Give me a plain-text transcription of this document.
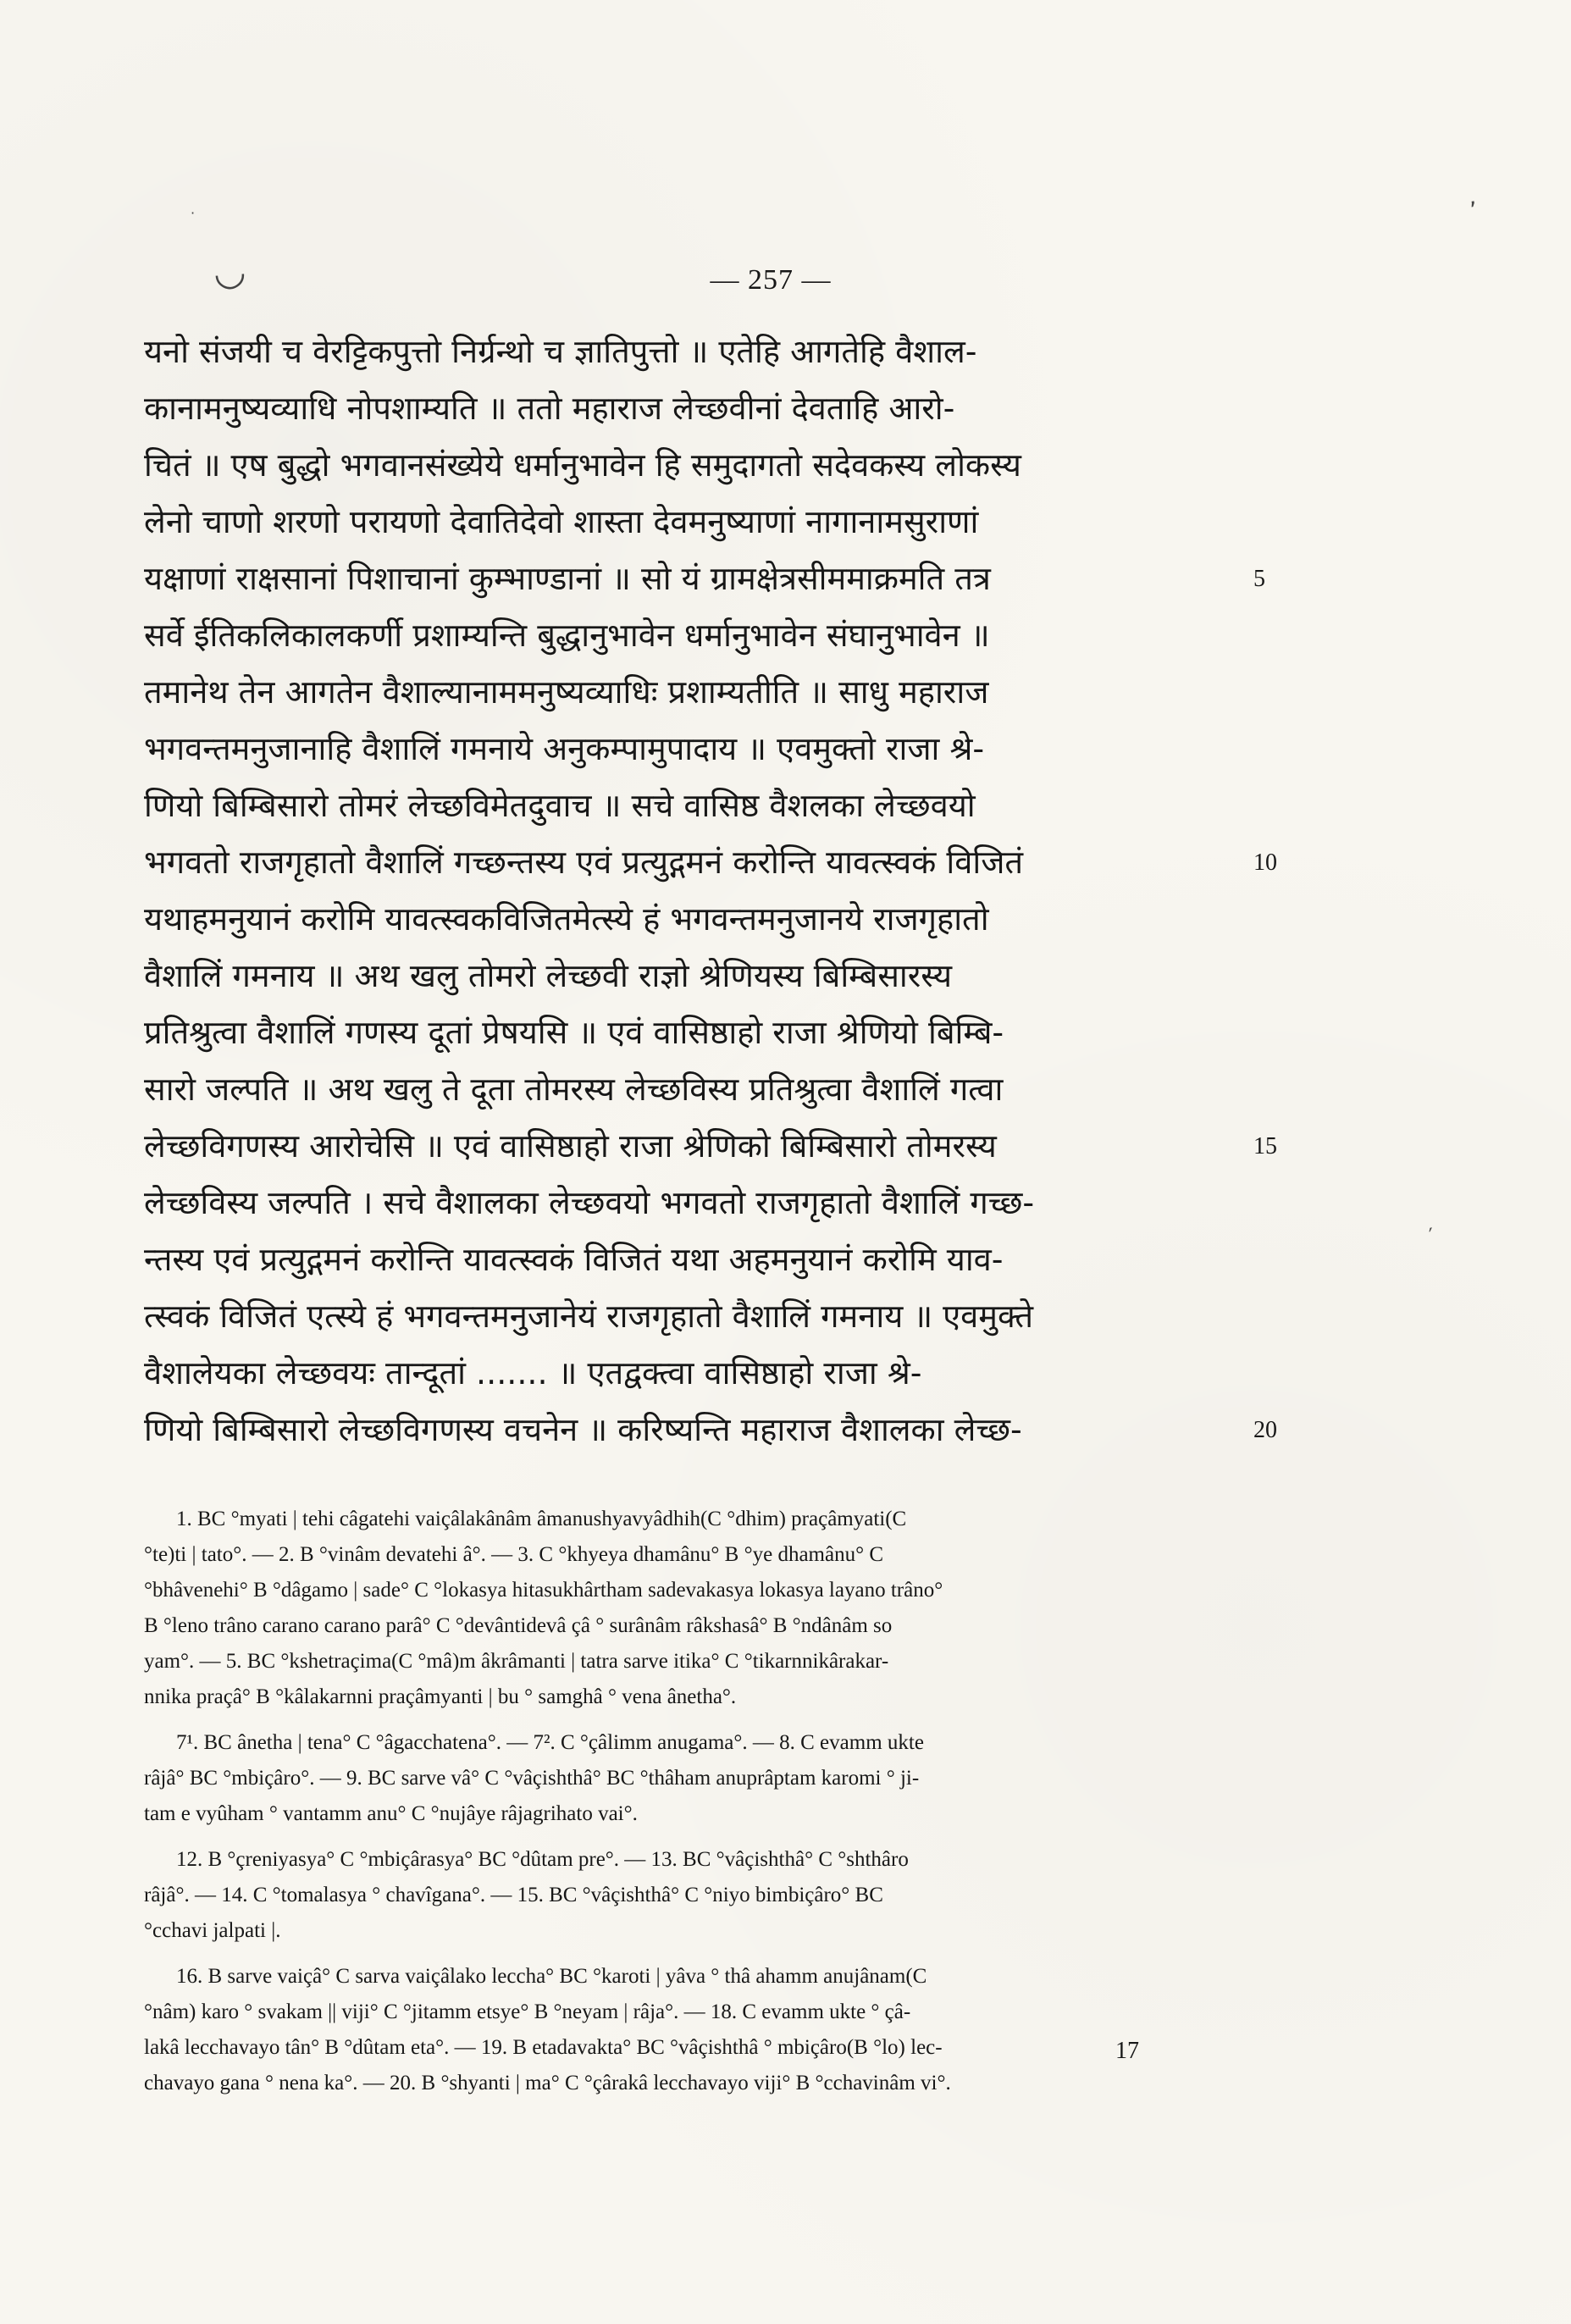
·
◡
’
′
— 257 —
यनो संजयी च वेरट्टिकपुत्तो निर्ग्रन्थो च ज्ञातिपुत्तो ॥ एतेहि आगतेहि वैशाल-
कानामनुष्यव्याधि नोपशाम्यति ॥ ततो महाराज लेच्छवीनां देवताहि आरो-
चितं ॥ एष बुद्धो भगवानसंख्येये धर्मानुभावेन हि समुदागतो सदेवकस्य लोकस्य
लेनो चाणो शरणो परायणो देवातिदेवो शास्ता देवमनुष्याणां नागानामसुराणां
यक्षाणां राक्षसानां पिशाचानां कुम्भाण्डानां ॥ सो यं ग्रामक्षेत्रसीममाक्रमति तत्र
सर्वे ईतिकलिकालकर्णी प्रशाम्यन्ति बुद्धानुभावेन धर्मानुभावेन संघानुभावेन ॥
तमानेथ तेन आगतेन वैशाल्यानाममनुष्यव्याधिः प्रशाम्यतीति ॥ साधु महाराज
भगवन्तमनुजानाहि वैशालिं गमनाये अनुकम्पामुपादाय ॥ एवमुक्तो राजा श्रे-
णियो बिम्बिसारो तोमरं लेच्छविमेतदुवाच ॥ सचे वासिष्ठ वैशलका लेच्छवयो
भगवतो राजगृहातो वैशालिं गच्छन्तस्य एवं प्रत्युद्गमनं करोन्ति यावत्स्वकं विजितं
यथाहमनुयानं करोमि यावत्स्वकविजितमेत्स्ये हं भगवन्तमनुजानये राजगृहातो
वैशालिं गमनाय ॥ अथ खलु तोमरो लेच्छवी राज्ञो श्रेणियस्य बिम्बिसारस्य
प्रतिश्रुत्वा वैशालिं गणस्य दूतां प्रेषयसि ॥ एवं वासिष्ठाहो राजा श्रेणियो बिम्बि-
सारो जल्पति ॥ अथ खलु ते दूता तोमरस्य लेच्छविस्य प्रतिश्रुत्वा वैशालिं गत्वा
लेच्छविगणस्य आरोचेसि ॥ एवं वासिष्ठाहो राजा श्रेणिको बिम्बिसारो तोमरस्य
लेच्छविस्य जल्पति । सचे वैशालका लेच्छवयो भगवतो राजगृहातो वैशालिं गच्छ-
न्तस्य एवं प्रत्युद्गमनं करोन्ति यावत्स्वकं विजितं यथा अहमनुयानं करोमि याव-
त्स्वकं विजितं एत्स्ये हं भगवन्तमनुजानेयं राजगृहातो वैशालिं गमनाय ॥ एवमुक्ते
वैशालेयका लेच्छवयः तान्दूतां ....... ॥ एतद्वक्त्वा वासिष्ठाहो राजा श्रे-
णियो बिम्बिसारो लेच्छविगणस्य वचनेन ॥ करिष्यन्ति महाराज वैशालका लेच्छ-
5
10
15
20
1. BC °myati | tehi câgatehi vaiçâlakânâm âmanushyavyâdhih(C °dhim) praçâmyati(C
°te)ti | tato°. — 2. B °vinâm devatehi â°. — 3. C °khyeya dhamânu° B °ye dhamânu° C
°bhâvenehi° B °dâgamo | sade° C °lokasya hitasukhârtham sadevakasya lokasya layano trâno°
B °leno trâno carano carano parâ° C °devântidevâ çâ ° surânâm râkshasâ° B °ndânâm so
yam°. — 5. BC °kshetraçima(C °mâ)m âkrâmanti | tatra sarve itika° C °tikarnnikârakar-
nnika praçâ° B °kâlakarnni praçâmyanti | bu ° samghâ ° vena ânetha°.
7¹. BC ânetha | tena° C °âgacchatena°. — 7². C °çâlimm anugama°. — 8. C evamm ukte
râjâ° BC °mbiçâro°. — 9. BC sarve vâ° C °vâçishthâ° BC °thâham anuprâptam karomi ° ji-
tam e vyûham ° vantamm anu° C °nujâye râjagrihato vai°.
12. B °çreniyasya° C °mbiçârasya° BC °dûtam pre°. — 13. BC °vâçishthâ° C °shthâro
râjâ°. — 14. C °tomalasya ° chavîgana°. — 15. BC °vâçishthâ° C °niyo bimbiçâro° BC
°cchavi jalpati |.
16. B sarve vaiçâ° C sarva vaiçâlako leccha° BC °karoti | yâva ° thâ ahamm anujânam(C
°nâm) karo ° svakam || viji° C °jitamm etsye° B °neyam | râja°. — 18. C evamm ukte ° çâ-
lakâ lecchavayo tân° B °dûtam eta°. — 19. B etadavakta° BC °vâçishthâ ° mbiçâro(B °lo) lec-
chavayo gana ° nena ka°. — 20. B °shyanti | ma° C °çârakâ lecchavayo viji° B °cchavinâm vi°.
17
